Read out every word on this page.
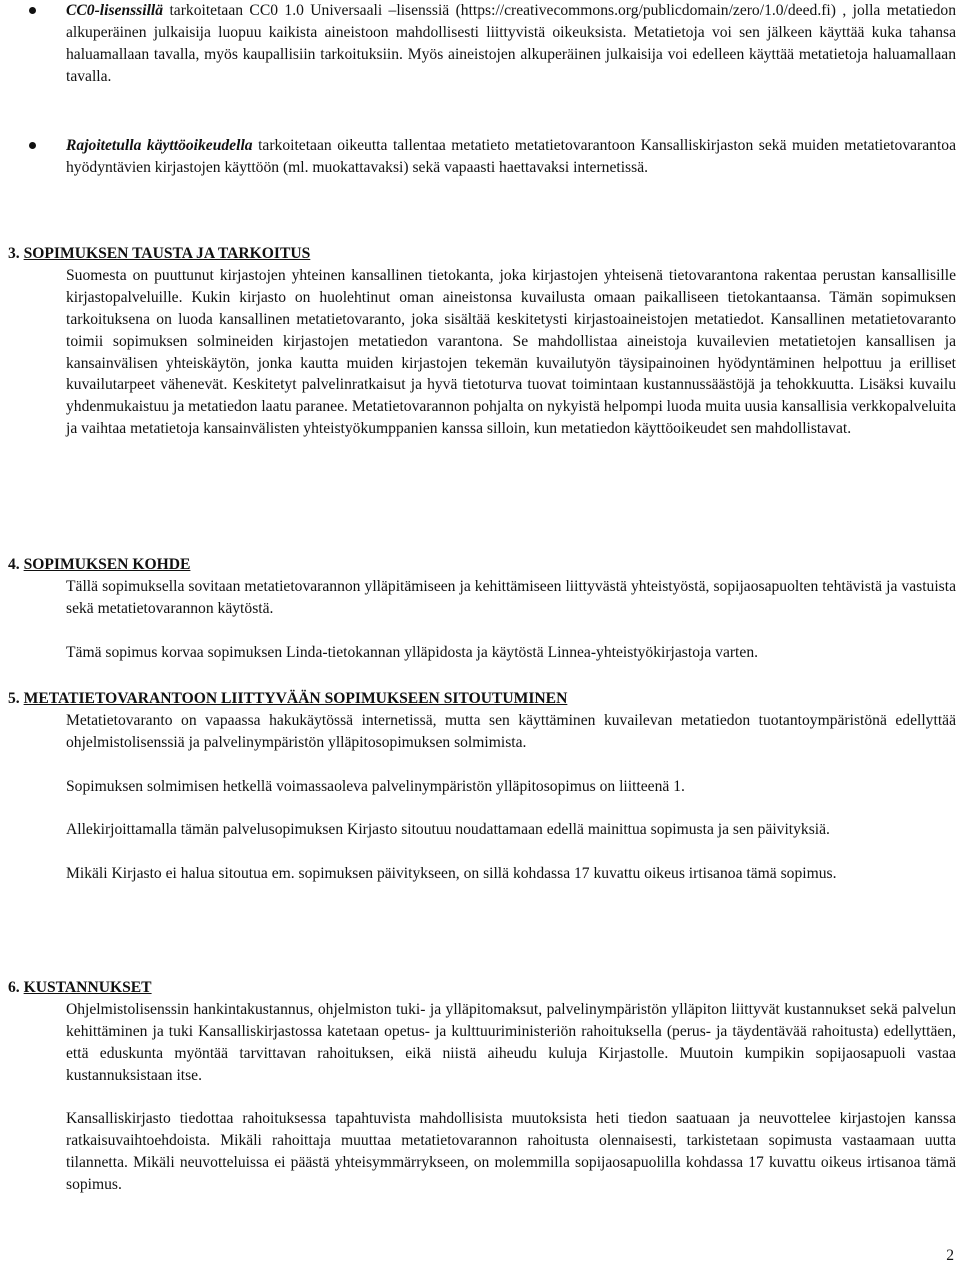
CC0-lisenssillä tarkoitetaan CC0 1.0 Universaali –lisenssiä (https://creativecommons.org/publicdomain/zero/1.0/deed.fi) , jolla metatiedon alkuperäinen julkaisija luopuu kaikista aineistoon mahdollisesti liittyvistä oikeuksista. Metatietoja voi sen jälkeen käyttää kuka tahansa haluamallaan tavalla, myös kaupallisiin tarkoituksiin. Myös aineistojen alkuperäinen julkaisija voi edelleen käyttää metatietoja haluamallaan tavalla.
Rajoitetulla käyttöoikeudella tarkoitetaan oikeutta tallentaa metatieto metatietovarantoon Kansalliskirjaston sekä muiden metatietovarantoa hyödyntävien kirjastojen käyttöön (ml. muokattavaksi) sekä vapaasti haettavaksi internetissä.
3. SOPIMUKSEN TAUSTA JA TARKOITUS

Suomesta on puuttunut kirjastojen yhteinen kansallinen tietokanta, joka kirjastojen yhteisenä tietovarantona rakentaa perustan kansallisille kirjastopalveluille. Kukin kirjasto on huolehtinut oman aineistonsa kuvailusta omaan paikalliseen tietokantaansa. Tämän sopimuksen tarkoituksena on luoda kansallinen metatietovaranto, joka sisältää keskitetysti kirjastoaineistojen metatiedot. Kansallinen metatietovaranto toimii sopimuksen solmineiden kirjastojen metatiedon varantona. Se mahdollistaa aineistoja kuvailevien metatietojen kansallisen ja kansainvälisen yhteiskäytön, jonka kautta muiden kirjastojen tekemän kuvailutyön täysipainoinen hyödyntäminen helpottuu ja erilliset kuvailutarpeet vähenevät. Keskitetyt palvelinratkaisut ja hyvä tietoturva tuovat toimintaan kustannussäästöjä ja tehokkuutta. Lisäksi kuvailu yhdenmukaistuu ja metatiedon laatu paranee. Metatietovarannon pohjalta on nykyistä helpompi luoda muita uusia kansallisia verkkopalveluita ja vaihtaa metatietoja kansainvälisten yhteistyökumppanien kanssa silloin, kun metatiedon käyttöoikeudet sen mahdollistavat.

4. SOPIMUKSEN KOHDE

Tällä sopimuksella sovitaan metatietovarannon ylläpitämiseen ja kehittämiseen liittyvästä yhteistyöstä, sopijaosapuolten tehtävistä ja vastuista sekä metatietovarannon käytöstä.

Tämä sopimus korvaa sopimuksen Linda-tietokannan ylläpidosta ja käytöstä Linnea-yhteistyökirjastoja varten.

5. METATIETOVARANTOON LIITTYVÄÄN SOPIMUKSEEN SITOUTUMINEN

Metatietovaranto on vapaassa hakukäytössä internetissä, mutta sen käyttäminen kuvailevan metatiedon tuotantoympäristönä edellyttää ohjelmistolisenssiä ja palvelinympäristön ylläpitosopimuksen solmimista.

Sopimuksen solmimisen hetkellä voimassaoleva palvelinympäristön ylläpitosopimus on liitteenä 1.

Allekirjoittamalla tämän palvelusopimuksen Kirjasto sitoutuu noudattamaan edellä mainittua sopimusta ja sen päivityksiä.

Mikäli Kirjasto ei halua sitoutua em. sopimuksen päivitykseen, on sillä kohdassa 17 kuvattu oikeus irtisanoa tämä sopimus.

6. KUSTANNUKSET

Ohjelmistolisenssin hankintakustannus, ohjelmiston tuki- ja ylläpitomaksut, palvelinympäristön ylläpiton liittyvät kustannukset sekä palvelun kehittäminen ja tuki Kansalliskirjastossa katetaan opetus- ja kulttuuriministeriön rahoituksella (perus- ja täydentävää rahoitusta) edellyttäen, että eduskunta myöntää tarvittavan rahoituksen, eikä niistä aiheudu kuluja Kirjastolle. Muutoin kumpikin sopijaosapuoli vastaa kustannuksistaan itse.

Kansalliskirjasto tiedottaa rahoituksessa tapahtuvista mahdollisista muutoksista heti tiedon saatuaan ja neuvottelee kirjastojen kanssa ratkaisuvaihtoehdoista. Mikäli rahoittaja muuttaa metatietovarannon rahoitusta olennaisesti, tarkistetaan sopimusta vastaamaan uutta tilannetta. Mikäli neuvotteluissa ei päästä yhteisymmärrykseen, on molemmilla sopijaosapuolilla kohdassa 17 kuvattu oikeus irtisanoa tämä sopimus.

2
